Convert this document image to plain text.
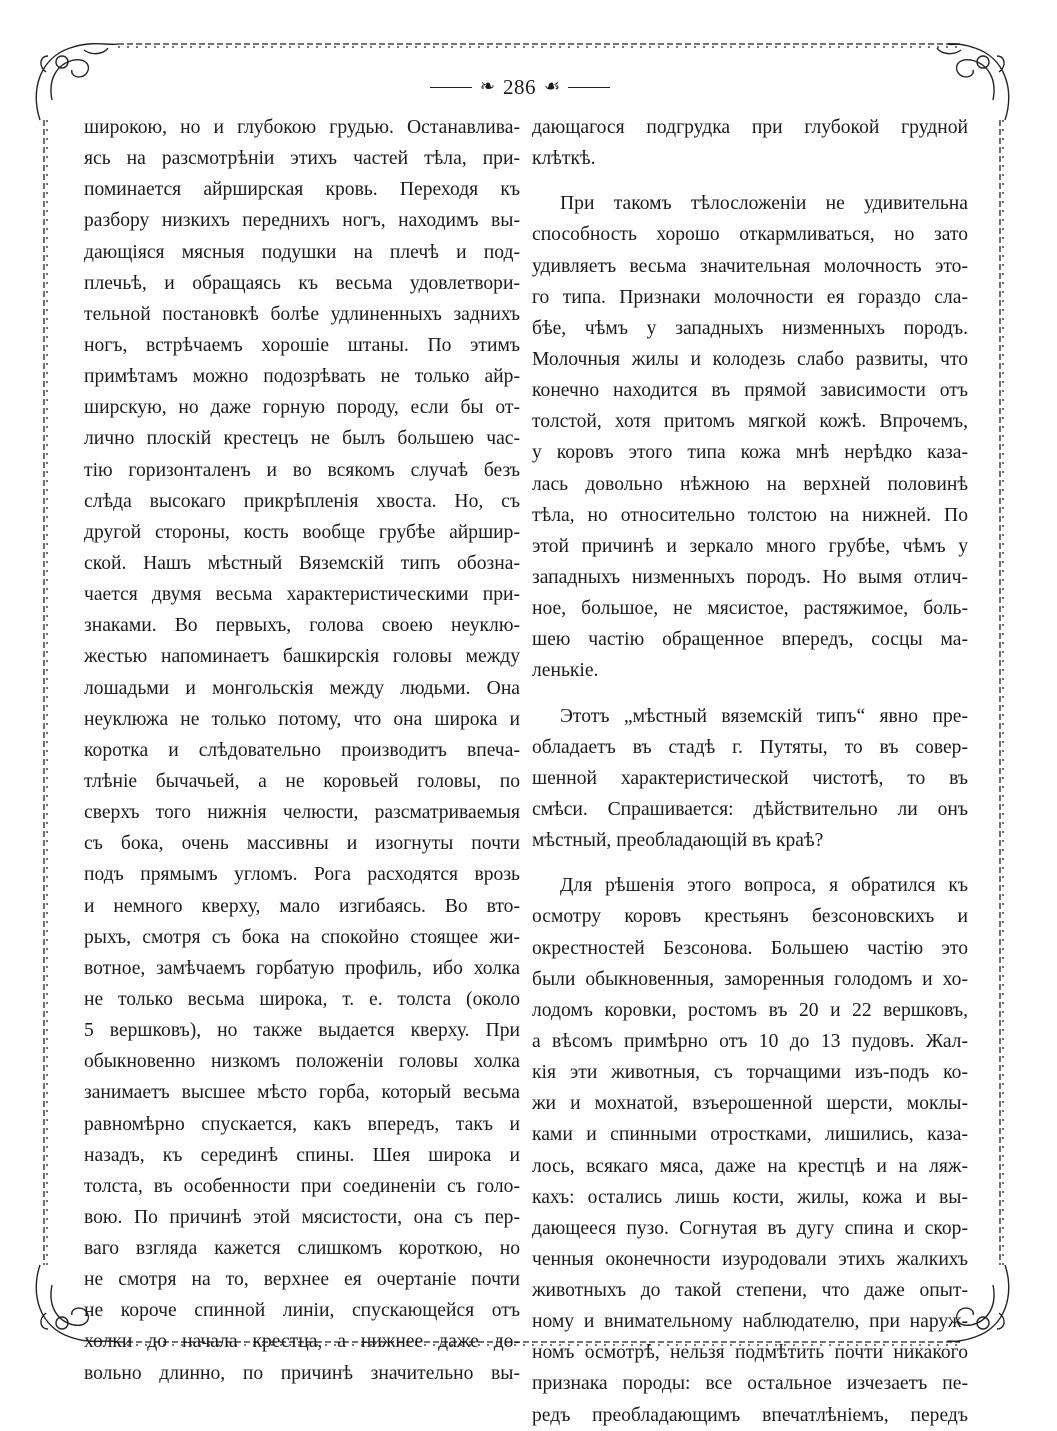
❧ 286 ☙
широкою, но и глубокою грудью. Останавлива-
ясь на разсмотрѣніи этихъ частей тѣла, при-
поминается айрширская кровь. Переходя къ
разбору низкихъ переднихъ ногъ, находимъ вы-
дающіяся мясныя подушки на плечѣ и под-
плечьѣ, и обращаясь къ весьма удовлетвори-
тельной постановкѣ болѣе удлиненныхъ заднихъ
ногъ, встрѣчаемъ хорошіе штаны. По этимъ
примѣтамъ можно подозрѣвать не только айр-
ширскую, но даже горную породу, если бы от-
лично плоскій крестецъ не былъ большею час-
тію горизонталенъ и во всякомъ случаѣ безъ
слѣда высокаго прикрѣпленія хвоста. Но, съ
другой стороны, кость вообще грубѣе айршир-
ской. Нашъ мѣстный Вяземскій типъ обозна-
чается двумя весьма характеристическими при-
знаками. Во первыхъ, голова своею неуклю-
жестью напоминаетъ башкирскія головы между
лошадьми и монгольскія между людьми. Она
неуклюжа не только потому, что она широка и
коротка и слѣдовательно производитъ впеча-
тлѣніе бычачьей, а не коровьей головы, по
сверхъ того нижнія челюсти, разсматриваемыя
съ бока, очень массивны и изогнуты почти
подъ прямымъ угломъ. Рога расходятся врозь
и немного кверху, мало изгибаясь. Во вто-
рыхъ, смотря съ бока на спокойно стоящее жи-
вотное, замѣчаемъ горбатую профиль, ибо холка
не только весьма широка, т. е. толста (около
5 вершковъ), но также выдается кверху. При
обыкновенно низкомъ положеніи головы холка
занимаетъ высшее мѣсто горба, который весьма
равномѣрно спускается, какъ впередъ, такъ и
назадъ, къ серединѣ спины. Шея широка и
толста, въ особенности при соединеніи съ голо-
вою. По причинѣ этой мясистости, она съ пер-
ваго взгляда кажется слишкомъ короткою, но
не смотря на то, верхнее ея очертаніе почти
не короче спинной линіи, спускающейся отъ
холки до начала крестца, а нижнее даже до-
вольно длинно, по причинѣ значительно вы-
дающагося подгрудка при глубокой грудной
клѣткѣ.
При такомъ тѣлосложеніи не удивительна
способность хорошо откармливаться, но зато
удивляетъ весьма значительная молочность это-
го типа. Признаки молочности ея гораздо сла-
бѣе, чѣмъ у западныхъ низменныхъ породъ.
Молочныя жилы и колодезь слабо развиты, что
конечно находится въ прямой зависимости отъ
толстой, хотя притомъ мягкой кожѣ. Впрочемъ,
у коровъ этого типа кожа мнѣ нерѣдко каза-
лась довольно нѣжною на верхней половинѣ
тѣла, но относительно толстою на нижней. По
этой причинѣ и зеркало много грубѣе, чѣмъ у
западныхъ низменныхъ породъ. Но вымя отлич-
ное, большое, не мясистое, растяжимое, боль-
шею частію обращенное впередъ, сосцы ма-
ленькіе.
Этотъ „мѣстный вяземскій типъ“ явно пре-
обладаетъ въ стадѣ г. Путяты, то въ совер-
шенной характеристической чистотѣ, то въ
смѣси. Спрашивается: дѣйствительно ли онъ
мѣстный, преобладающій въ краѣ?
Для рѣшенія этого вопроса, я обратился къ
осмотру коровъ крестьянъ безсоновскихъ и
окрестностей Безсонова. Большею частію это
были обыкновенныя, заморенныя голодомъ и хо-
лодомъ коровки, ростомъ въ 20 и 22 вершковъ,
а вѣсомъ примѣрно отъ 10 до 13 пудовъ. Жал-
кія эти животныя, съ торчащими изъ-подъ ко-
жи и мохнатой, взъерошенной шерсти, моклы-
ками и спинными отростками, лишились, каза-
лось, всякаго мяса, даже на крестцѣ и на ляж-
кахъ: остались лишь кости, жилы, кожа и вы-
дающееся пузо. Согнутая въ дугу спина и скор-
ченныя оконечности изуродовали этихъ жалкихъ
животныхъ до такой степени, что даже опыт-
ному и внимательному наблюдателю, при наруж-
номъ осмотрѣ, нельзя подмѣтить почти никакого
признака породы: все остальное изчезаетъ пе-
редъ преобладающимъ впечатлѣніемъ, передъ
